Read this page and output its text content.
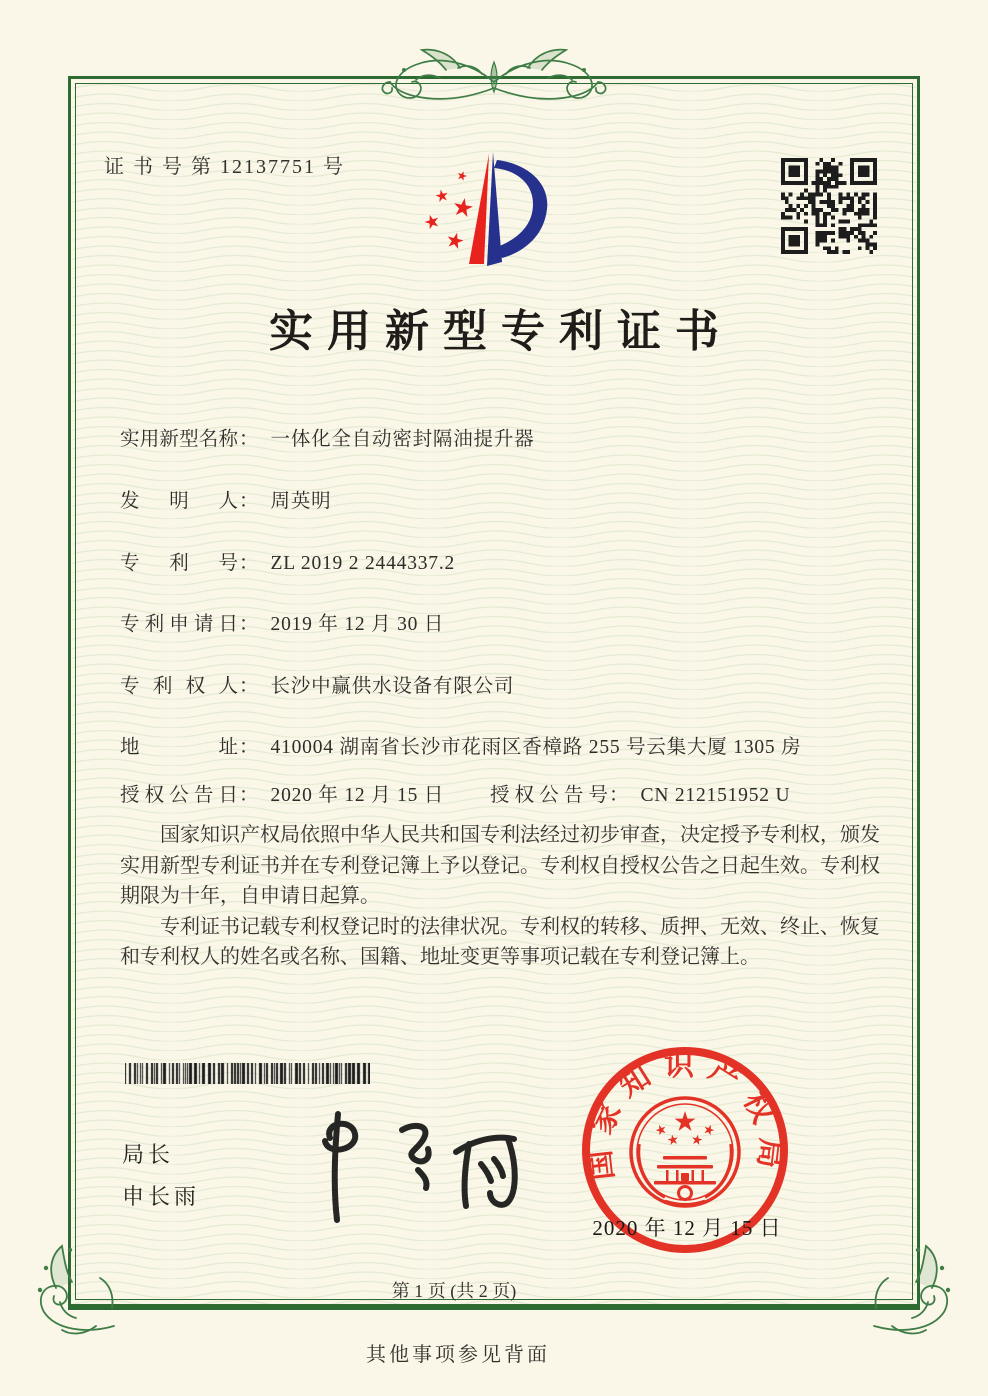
证 书 号 第 12137751 号
实用新型专利证书
实用新型名称： 一体化全自动密封隔油提升器
发明人： 周英明
专利号： ZL 2019 2 2444337.2
专利申请日： 2019 年 12 月 30 日
专利权人： 长沙中赢供水设备有限公司
地址： 410004 湖南省长沙市花雨区香樟路 255 号云集大厦 1305 房
授权公告日： 2020 年 12 月 15 日 授权公告号： CN 212151952 U

国家知识产权局依照中华人民共和国专利法经过初步审查，决定授予专利权，颁发实用新型专利证书并在专利登记簿上予以登记。专利权自授权公告之日起生效。专利权期限为十年，自申请日起算。

专利证书记载专利权登记时的法律状况。专利权的转移、质押、无效、终止、恢复和专利权人的姓名或名称、国籍、地址变更等事项记载在专利登记簿上。

局长
申长雨
国家知识产权局
2020 年 12 月 15 日
第 1 页 (共 2 页)
其他事项参见背面
